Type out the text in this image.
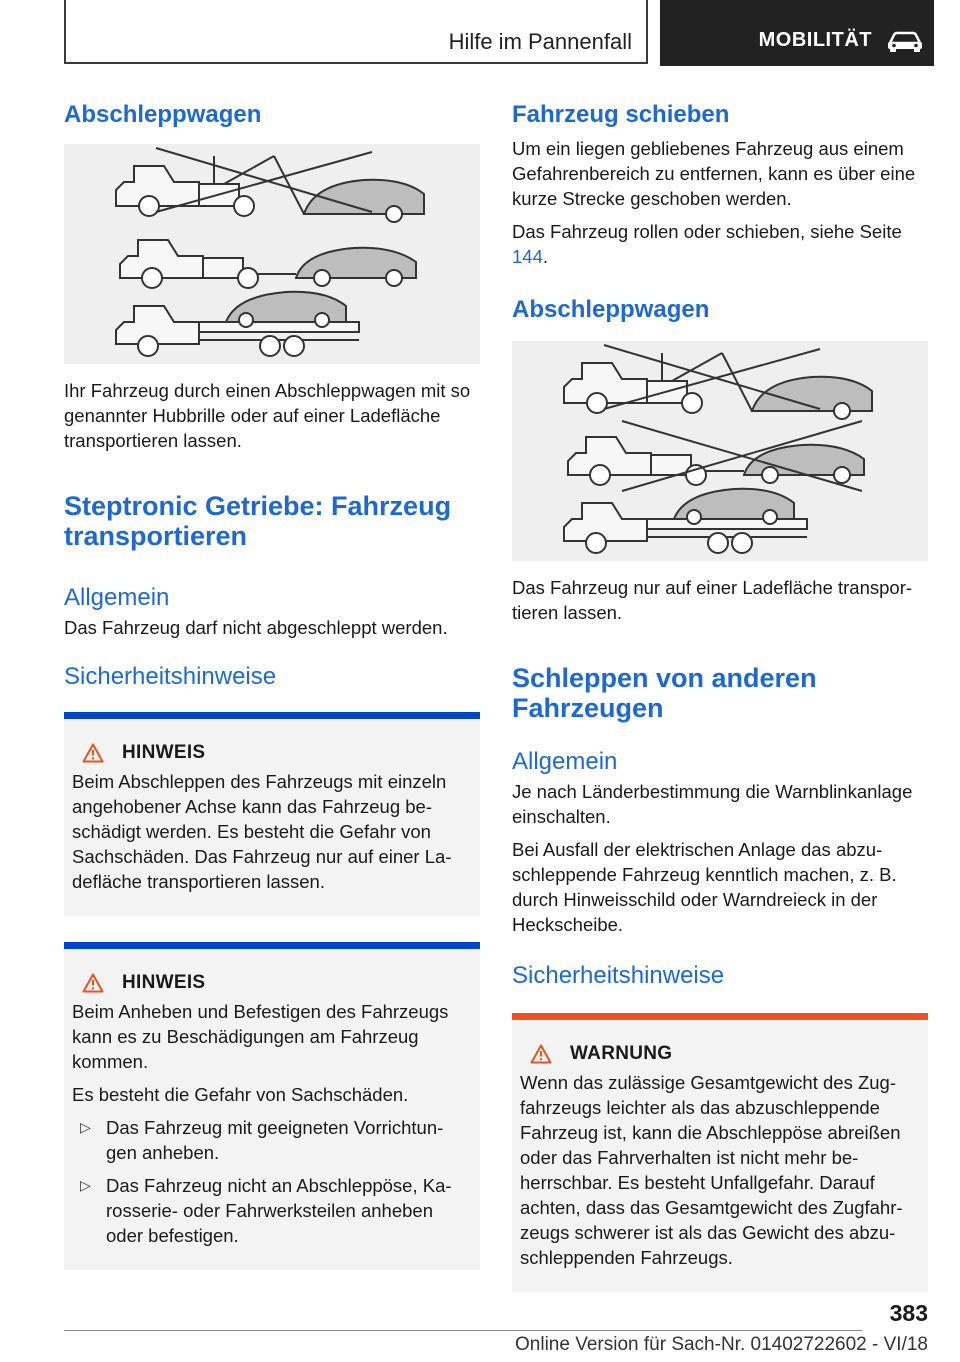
Hilfe im Pannenfall	MOBILITÄT
Abschleppwagen

Ihr Fahrzeug durch einen Abschleppwagen mit so genannter Hubbrille oder auf einer Ladefläche transportieren lassen.

Steptronic Getriebe: Fahrzeug transportieren
Allgemein

Das Fahrzeug darf nicht abgeschleppt werden.

Sicherheitshinweise
HINWEIS

Beim Abschleppen des Fahrzeugs mit einzeln angehobener Achse kann das Fahrzeug be-schädigt werden. Es besteht die Gefahr von Sachschäden. Das Fahrzeug nur auf einer La-defläche transportieren lassen.

HINWEIS

Beim Anheben und Befestigen des Fahrzeugs kann es zu Beschädigungen am Fahrzeug kommen.

Es besteht die Gefahr von Sachschäden.

▷ Das Fahrzeug mit geeigneten Vorrichtun-gen anheben.
▷ Das Fahrzeug nicht an Abschleppöse, Ka-rosserie- oder Fahrwerksteilen anheben oder befestigen.
Fahrzeug schieben

Um ein liegen gebliebenes Fahrzeug aus einem Gefahrenbereich zu entfernen, kann es über eine kurze Strecke geschoben werden.

Das Fahrzeug rollen oder schieben, siehe Seite 144.

Abschleppwagen

Das Fahrzeug nur auf einer Ladefläche transpor-tieren lassen.

Schleppen von anderen Fahrzeugen
Allgemein

Je nach Länderbestimmung die Warnblinkanlage einschalten.

Bei Ausfall der elektrischen Anlage das abzu-schleppende Fahrzeug kenntlich machen, z. B. durch Hinweisschild oder Warndreieck in der Heckscheibe.

Sicherheitshinweise
WARNUNG

Wenn das zulässige Gesamtgewicht des Zug-fahrzeugs leichter als das abzuschleppende Fahrzeug ist, kann die Abschleppöse abreißen oder das Fahrverhalten ist nicht mehr be-herrschbar. Es besteht Unfallgefahr. Darauf achten, dass das Gesamtgewicht des Zugfahr-zeugs schwerer ist als das Gewicht des abzu-schleppenden Fahrzeugs.

383
Online Version für Sach-Nr. 01402722602 - VI/18
